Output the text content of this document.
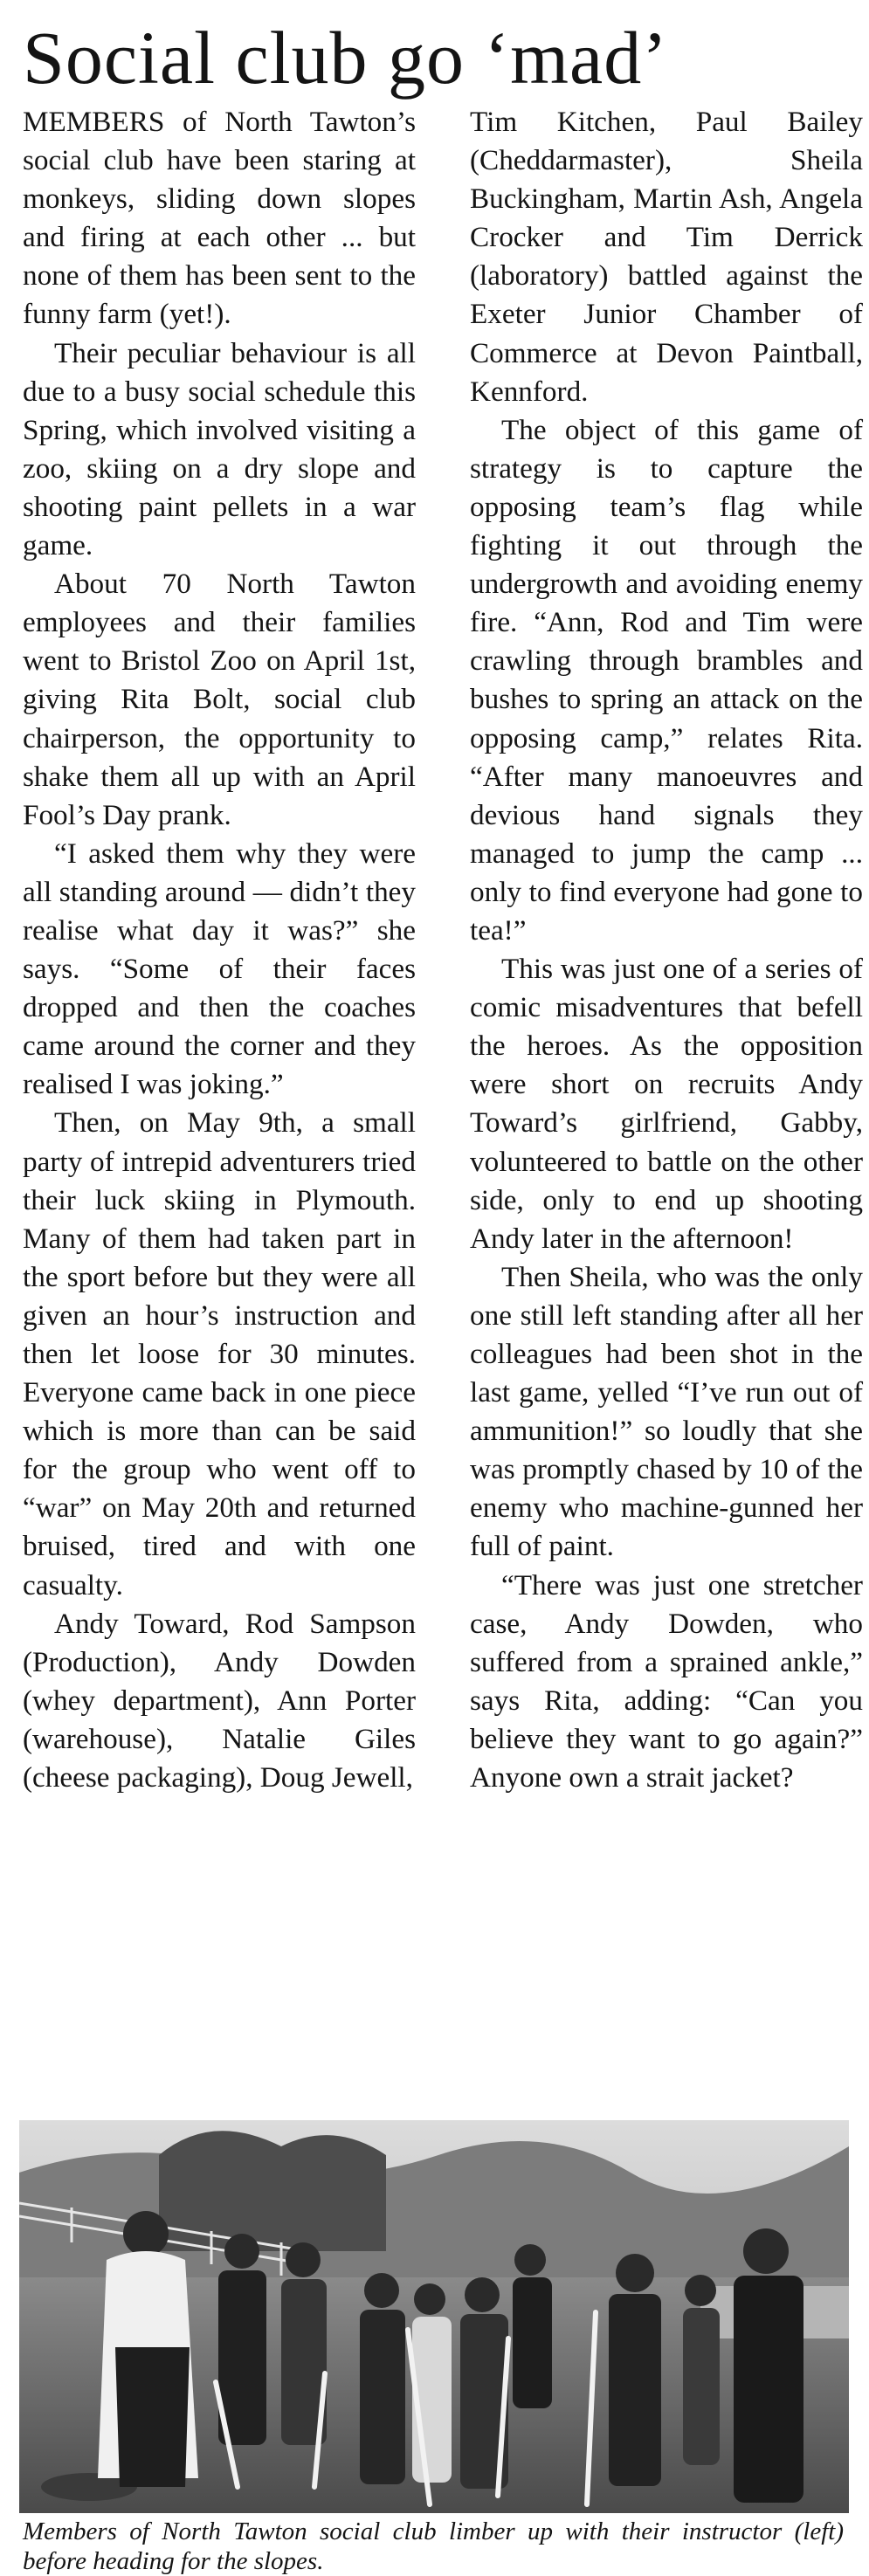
Social club go ‘mad’

MEMBERS of North Tawton’s social club have been staring at monkeys, sliding down slopes and firing at each other ... but none of them has been sent to the funny farm (yet!).

Their peculiar behaviour is all due to a busy social schedule this Spring, which involved visiting a zoo, skiing on a dry slope and shooting paint pellets in a war game.

About 70 North Tawton employees and their families went to Bristol Zoo on April 1st, giving Rita Bolt, social club chairperson, the opportunity to shake them all up with an April Fool’s Day prank.

“I asked them why they were all standing around — didn’t they realise what day it was?” she says. “Some of their faces dropped and then the coaches came around the corner and they realised I was joking.”

Then, on May 9th, a small party of intrepid adventurers tried their luck skiing in Plymouth. Many of them had taken part in the sport before but they were all given an hour’s instruction and then let loose for 30 minutes. Everyone came back in one piece which is more than can be said for the group who went off to “war” on May 20th and returned bruised, tired and with one casualty.

Andy Toward, Rod Sampson (Production), Andy Dowden (whey department), Ann Porter (warehouse), Natalie Giles (cheese packaging), Doug Jewell,

Tim Kitchen, Paul Bailey (Cheddarmaster), Sheila Buckingham, Martin Ash, Angela Crocker and Tim Derrick (laboratory) battled against the Exeter Junior Chamber of Commerce at Devon Paintball, Kennford.

The object of this game of strategy is to capture the opposing team’s flag while fighting it out through the undergrowth and avoiding enemy fire. “Ann, Rod and Tim were crawling through brambles and bushes to spring an attack on the opposing camp,” relates Rita. “After many manoeuvres and devious hand signals they managed to jump the camp ... only to find everyone had gone to tea!”

This was just one of a series of comic misadventures that befell the heroes. As the opposition were short on recruits Andy Toward’s girlfriend, Gabby, volunteered to battle on the other side, only to end up shooting Andy later in the afternoon!

Then Sheila, who was the only one still left standing after all her colleagues had been shot in the last game, yelled “I’ve run out of ammunition!” so loudly that she was promptly chased by 10 of the enemy who machine-gunned her full of paint.

“There was just one stretcher case, Andy Dowden, who suffered from a sprained ankle,” says Rita, adding: “Can you believe they want to go again?” Anyone own a strait jacket?

Members of North Tawton social club limber up with their instructor (left) before heading for the slopes.
